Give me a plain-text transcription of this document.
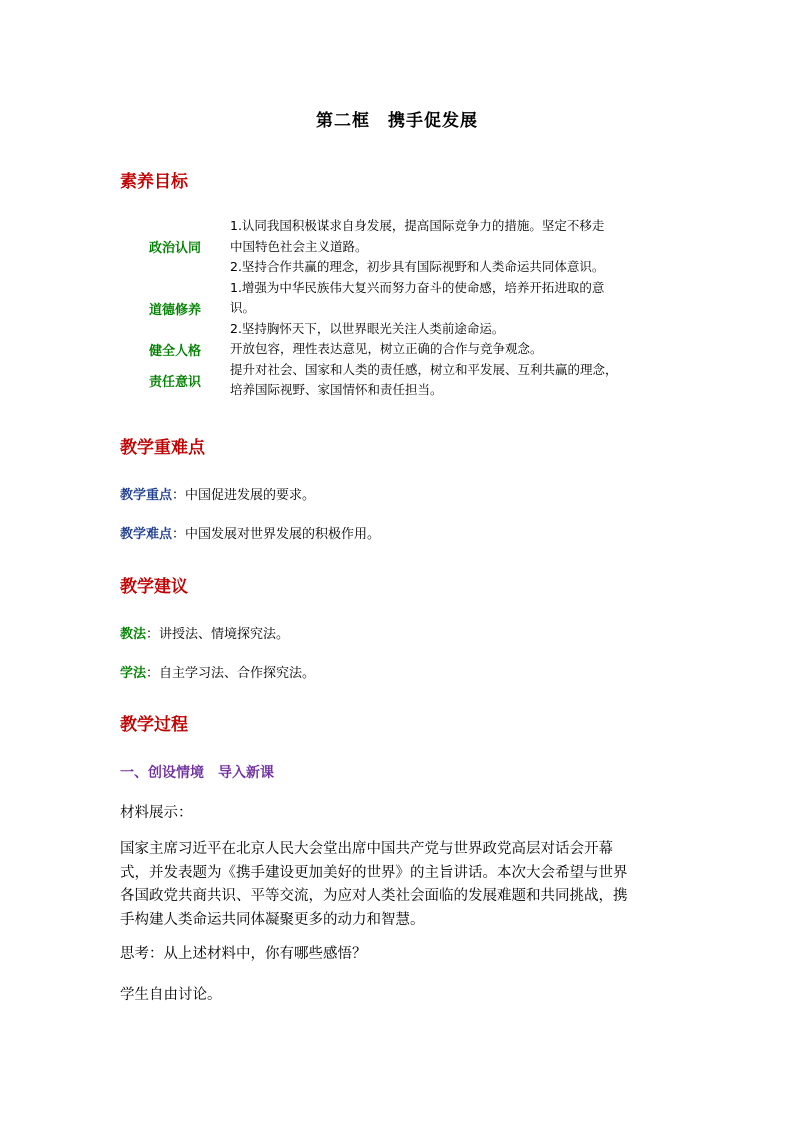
第二框　携手促发展
素养目标
政治认同
1.认同我国积极谋求自身发展，提高国际竞争力的措施。坚定不移走
中国特色社会主义道路。
2.坚持合作共赢的理念，初步具有国际视野和人类命运共同体意识。
道德修养
1.增强为中华民族伟大复兴而努力奋斗的使命感，培养开拓进取的意
识。
2.坚持胸怀天下，以世界眼光关注人类前途命运。
健全人格	开放包容，理性表达意见，树立正确的合作与竞争观念。
责任意识
提升对社会、国家和人类的责任感，树立和平发展、互利共赢的理念，
培养国际视野、家国情怀和责任担当。
教学重难点
教学重点：中国促进发展的要求。
教学难点：中国发展对世界发展的积极作用。
教学建议
教法：讲授法、情境探究法。
学法：自主学习法、合作探究法。
教学过程
一、创设情境　导入新课
材料展示：
国家主席习近平在北京人民大会堂出席中国共产党与世界政党高层对话会开幕
式，并发表题为《携手建设更加美好的世界》的主旨讲话。本次大会希望与世界
各国政党共商共识、平等交流，为应对人类社会面临的发展难题和共同挑战，携
手构建人类命运共同体凝聚更多的动力和智慧。
思考：从上述材料中，你有哪些感悟？
学生自由讨论。
